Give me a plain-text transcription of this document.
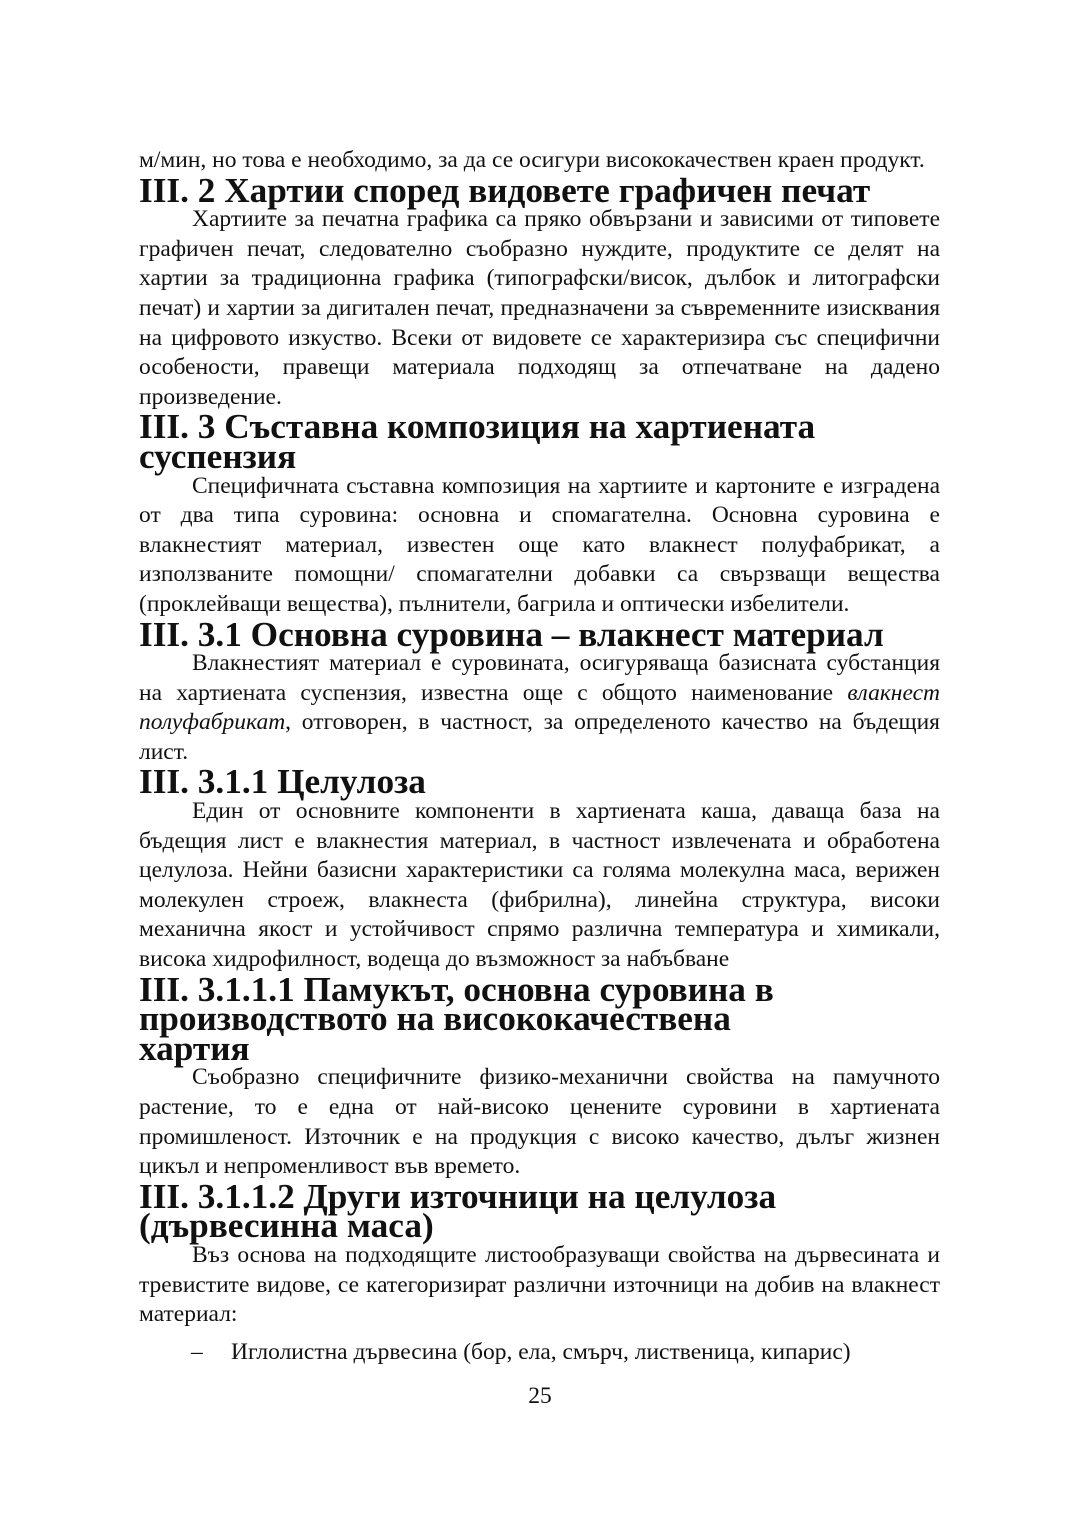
м/мин, но това е необходимо, за да се осигури висококачествен краен продукт.

III. 2 Хартии според видовете графичен печат

Хартиите за печатна графика са пряко обвързани и зависими от типовете графичен печат, следователно съобразно нуждите, продуктите се делят на хартии за традиционна графика (типографски/висок, дълбок и литографски печат) и хартии за дигитален печат, предназначени за съвременните изисквания на цифровото изкуство. Всеки от видовете се характеризира със специфични особености, правещи материала подходящ за отпечатване на дадено произведение.

III. 3 Съставна композиция на хартиената суспензия

Специфичната съставна композиция на хартиите и картоните е изградена от два типа суровина: основна и спомагателна. Основна суровина е влакнестият материал, известен още като влакнест полуфабрикат, а използваните помощни/ спомагателни добавки са свързващи вещества (проклейващи вещества), пълнители, багрила и оптически избелители.

III. 3.1 Основна суровина – влакнест материал

Влакнестият материал е суровината, осигуряваща базисната субстанция на хартиената суспензия, известна още с общото наименование влакнест полуфабрикат, отговорен, в частност, за определеното качество на бъдещия лист.

III. 3.1.1 Целулоза

Един от основните компоненти в хартиената каша, даваща база на бъдещия лист е влакнестия материал, в частност извлечената и обработена целулоза. Нейни базисни характеристики са голяма молекулна маса, верижен молекулен строеж, влакнеста (фибрилна), линейна структура, високи механична якост и устойчивост спрямо различна температура и химикали, висока хидрофилност, водеща до възможност за набъбване

III. 3.1.1.1 Памукът, основна суровина в производството на висококачествена хартия

Съобразно специфичните физико-механични свойства на памучното растение, то е една от най-високо ценените суровини в хартиената промишленост. Източник е на продукция с високо качество, дълъг жизнен цикъл и непроменливост във времето.

III. 3.1.1.2 Други източници на целулоза (дървесинна маса)

Въз основа на подходящите листообразуващи свойства на дървесината и тревистите видове, се категоризират различни източници на добив на влакнест материал:

– Иглолистна дървесина (бор, ела, смърч, лиственица, кипарис)
25
